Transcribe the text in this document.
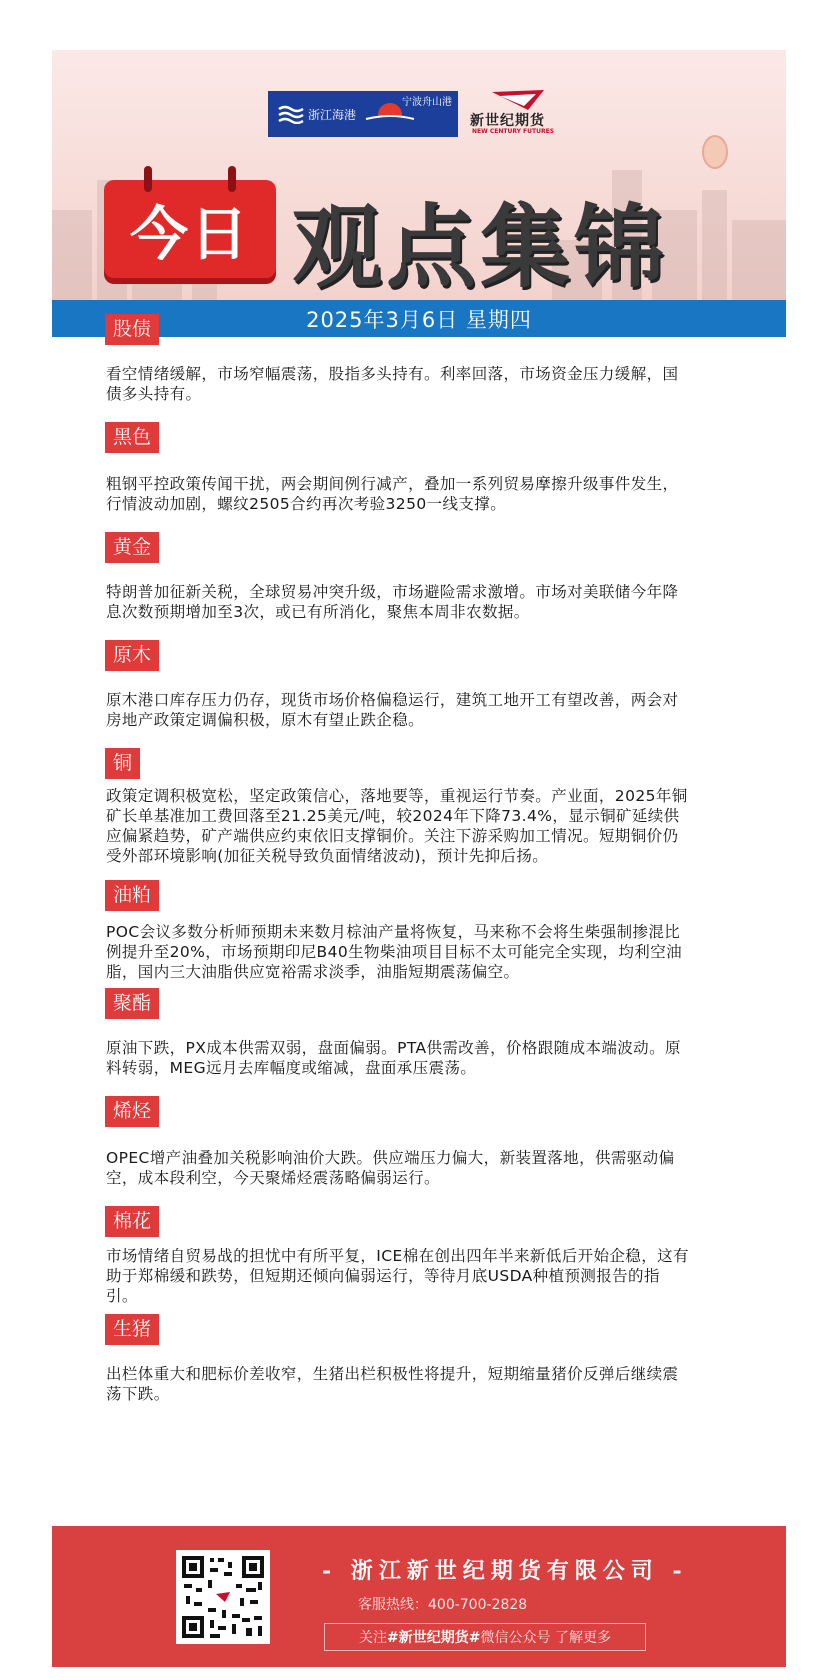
浙江海港
宁波舟山港
新世纪期货
NEW CENTURY FUTURES
今日 观点集锦
2025年3月6日 星期四
股债
看空情绪缓解，市场窄幅震荡，股指多头持有。利率回落，市场资金压力缓解，国债多头持有。
黑色
粗钢平控政策传闻干扰，两会期间例行减产，叠加一系列贸易摩擦升级事件发生，行情波动加剧，螺纹2505合约再次考验3250一线支撑。
黄金
特朗普加征新关税，全球贸易冲突升级，市场避险需求激增。市场对美联储今年降息次数预期增加至3次，或已有所消化，聚焦本周非农数据。
原木
原木港口库存压力仍存，现货市场价格偏稳运行，建筑工地开工有望改善，两会对房地产政策定调偏积极，原木有望止跌企稳。
铜
政策定调积极宽松，坚定政策信心，落地要等，重视运行节奏。产业面，2025年铜矿长单基准加工费回落至21.25美元/吨，较2024年下降73.4%，显示铜矿延续供应偏紧趋势，矿产端供应约束依旧支撑铜价。关注下游采购加工情况。短期铜价仍受外部环境影响(加征关税导致负面情绪波动)，预计先抑后扬。
油粕
POC会议多数分析师预期未来数月棕油产量将恢复，马来称不会将生柴强制掺混比例提升至20%，市场预期印尼B40生物柴油项目目标不太可能完全实现，均利空油脂，国内三大油脂供应宽裕需求淡季，油脂短期震荡偏空。
聚酯
原油下跌，PX成本供需双弱，盘面偏弱。PTA供需改善，价格跟随成本端波动。原料转弱，MEG远月去库幅度或缩减，盘面承压震荡。
烯烃
OPEC增产油叠加关税影响油价大跌。供应端压力偏大，新装置落地，供需驱动偏空，成本段利空，今天聚烯烃震荡略偏弱运行。
棉花
市场情绪自贸易战的担忧中有所平复，ICE棉在创出四年半来新低后开始企稳，这有助于郑棉缓和跌势，但短期还倾向偏弱运行，等待月底USDA种植预测报告的指引。
生猪
出栏体重大和肥标价差收窄，生猪出栏积极性将提升，短期缩量猪价反弹后继续震荡下跌。
- 浙江新世纪期货有限公司 -
客服热线：400-700-2828
关注 #新世纪期货# 微信公众号 了解更多
